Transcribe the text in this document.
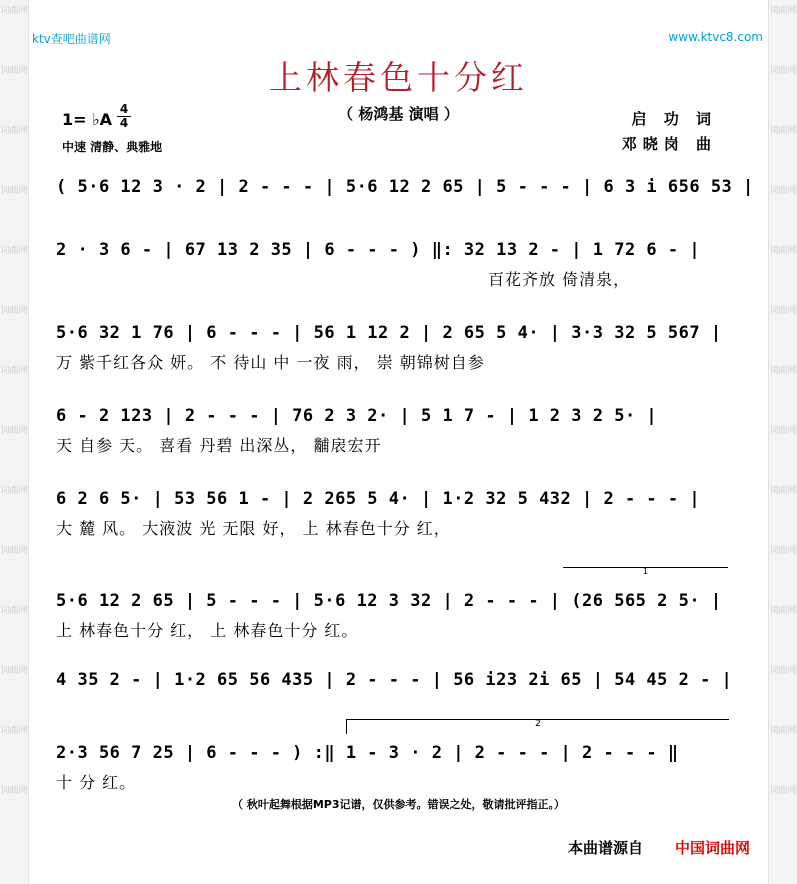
词曲网
词曲网
词曲网
词曲网
词曲网
词曲网
词曲网
词曲网
词曲网
词曲网
词曲网
词曲网
词曲网
词曲网
词曲网
词曲网
词曲网
词曲网
词曲网
词曲网
词曲网
词曲网
词曲网
词曲网
词曲网
词曲网
词曲网
词曲网
ktv查吧曲谱网	www.ktvc8.com
上林春色十分红
（ 杨鸿基 演唱 ）
1= ♭A $\frac{4}{4}$
中速 清静、典雅地
启 功 词
邓晓岗 曲
( 5·6 12 3 · 2 | 2 - - - | 5·6 12 2 65 | 5 - - - | 6 3 i 656 53 |
2 · 3 6 - | 67 13 2 35 | 6 - - - ) ‖: 32 13 2 - | 1 72 6 - |
百花齐放 倚清泉，
5·6 32 1 76 | 6 - - - | 56 1 12 2 | 2 65 5 4· | 3·3 32 5 567 |
万 紫千红各众 妍。 不 待山 中 一夜 雨， 崇 朝锦树自参
6 - 2 123 | 2 - - - | 76 2 3 2· | 5 1 7 - | 1 2 3 2 5· |
天 自参 天。 喜看 丹碧 出深丛， 黼扆宏开
6 2 6 5· | 53 56 1 - | 2 265 5 4· | 1·2 32 5 432 | 2 - - - |
大 麓 风。 大液波 光 无限 好， 上 林春色十分 红，
1
5·6 12 2 65 | 5 - - - | 5·6 12 3 32 | 2 - - - | (26 565 2 5· |
上 林春色十分 红， 上 林春色十分 红。
4 35 2 - | 1·2 65 56 435 | 2 - - - | 56 i23 2i 65 | 54 45 2 - |
2
2·3 56 7 25 | 6 - - - ) :‖ 1 - 3 · 2 | 2 - - - | 2 - - - ‖
十 分 红。
（ 秋叶起舞根据MP3记谱，仅供参考。错误之处，敬请批评指正。）
本曲谱源自 中国词曲网
